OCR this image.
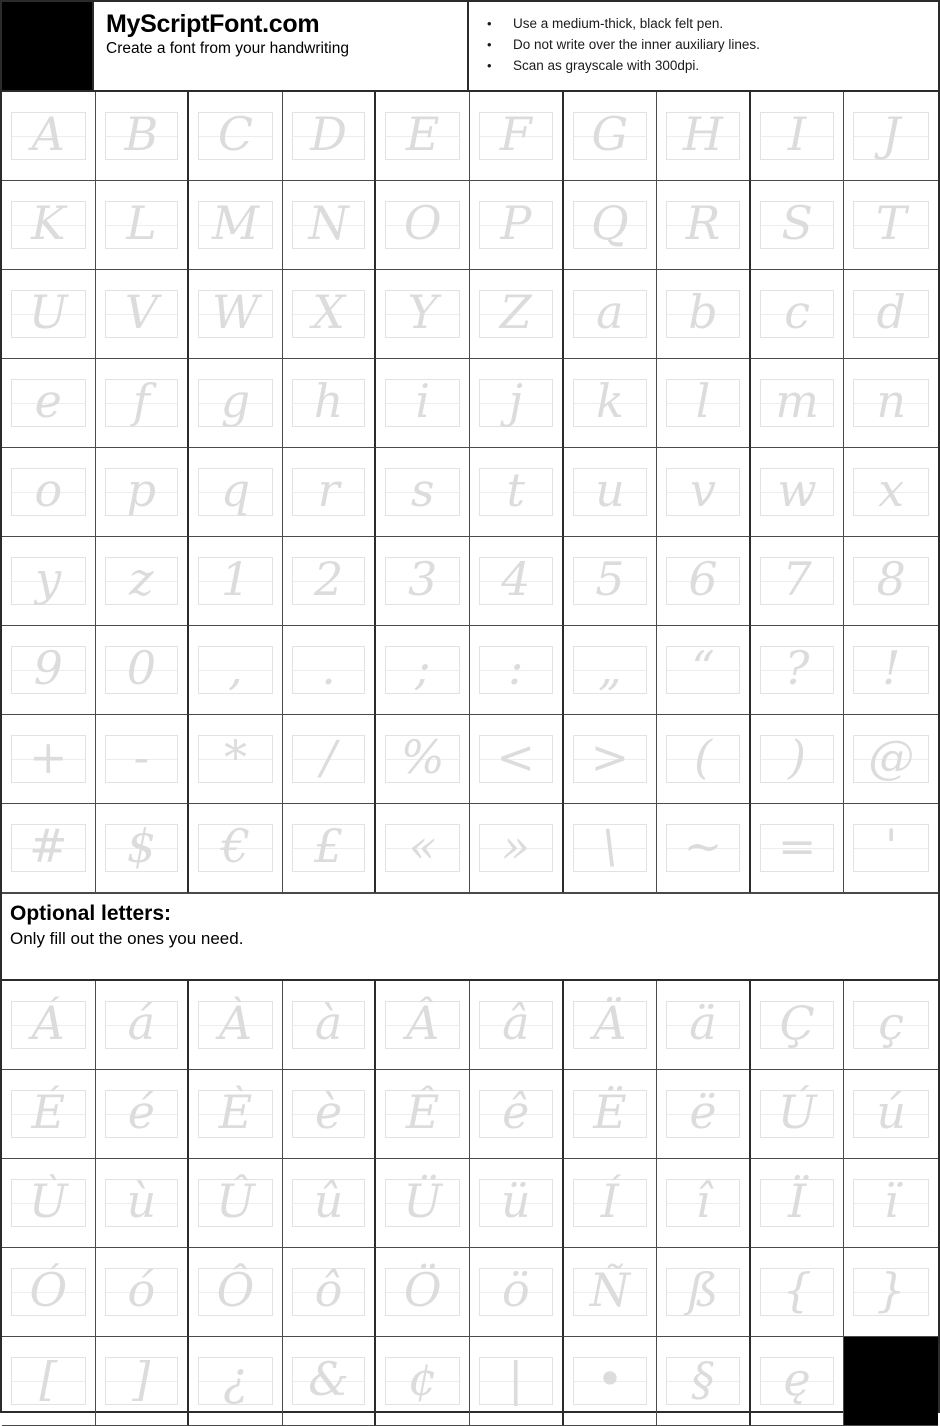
MyScriptFont.com
Create a font from your handwriting
•	Use a medium-thick, black felt pen.
•	Do not write over the inner auxiliary lines.
•	Scan as grayscale with 300dpi.
A	B	C	D	E	F	G	H	I	J
K	L	M	N	O	P	Q	R	S	T
U	V	W	X	Y	Z	a	b	c	d
e	f	g	h	i	j	k	l	m	n
o	p	q	r	s	t	u	v	w	x
y	z	1	2	3	4	5	6	7	8
9	0	,	.	;	:	„	“	?	!
+	-	*	/	%	<	>	(	)	@
#	$	€	£	«	»	\	~	=	'
Optional letters:
Only fill out the ones you need.
Á	á	À	à	Â	â	Ä	ä	Ç	ç
É	é	È	è	Ê	ê	Ë	ë	Ú	ú
Ù	ù	Û	û	Ü	ü	Í	î	Ï	ï
Ó	ó	Ô	ô	Ö	ö	Ñ	ß	{	}
[	]	¿	&	¢	|	•	§	ę
